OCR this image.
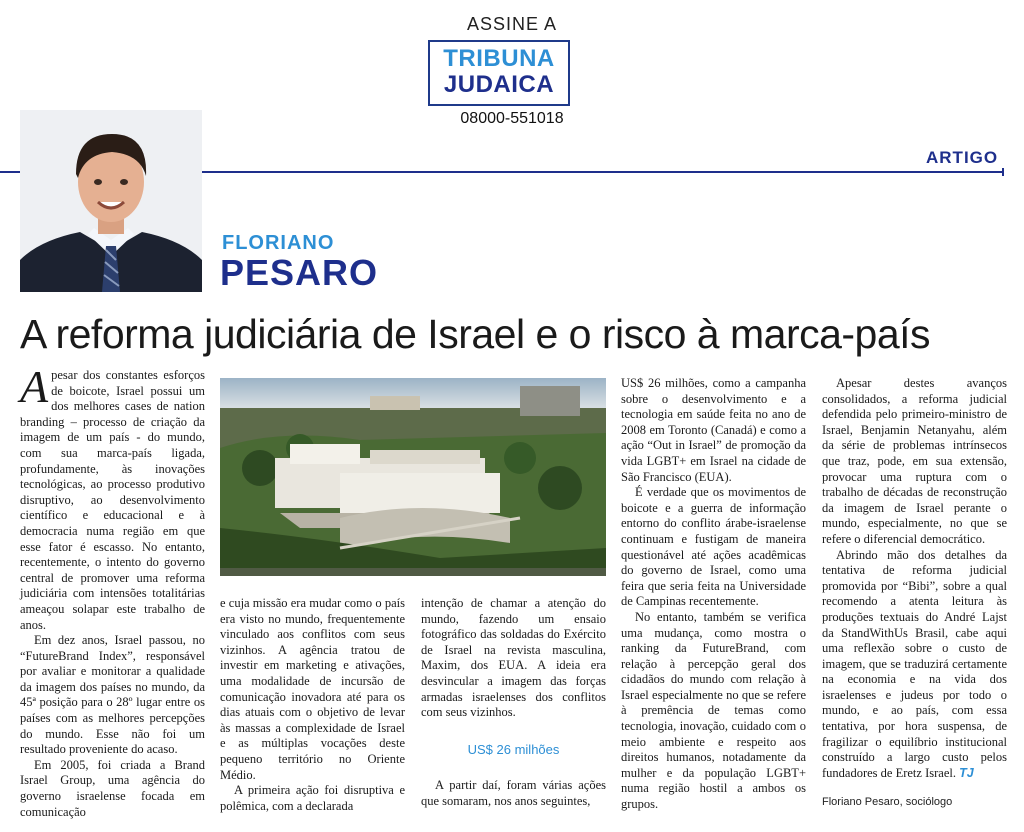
ASSINE A
TRIBUNA
JUDAICA
08000-551018
ARTIGO
FLORIANO
PESARO
A reforma judiciária de Israel e o risco à marca-país
A pesar dos constantes esforços de boicote, Israel possui um dos melhores cases de nation branding – processo de criação da imagem de um país - do mundo, com sua marca-país ligada, profundamente, às inovações tecnológicas, ao processo produtivo disruptivo, ao desenvolvimento científico e educacional e à democracia numa região em que esse fator é escasso. No entanto, recentemente, o intento do governo central de promover uma reforma judiciária com intensões totalitárias ameaçou solapar este trabalho de anos.

Em dez anos, Israel passou, no “FutureBrand Index”, responsável por avaliar e monitorar a qualidade da imagem dos países no mundo, da 45ª posição para o 28º lugar entre os países com as melhores percepções do mundo. Esse não foi um resultado proveniente do acaso.

Em 2005, foi criada a Brand Israel Group, uma agência do governo israelense focada em comunicação

e cuja missão era mudar como o país era visto no mundo, frequentemente vinculado aos conflitos com seus vizinhos. A agência tratou de investir em marketing e ativações, uma modalidade de incursão de comunicação inovadora até para os dias atuais com o objetivo de levar às massas a complexidade de Israel e as múltiplas vocações deste pequeno território no Oriente Médio.

A primeira ação foi disruptiva e polêmica, com a declarada

intenção de chamar a atenção do mundo, fazendo um ensaio fotográfico das soldadas do Exército de Israel na revista masculina, Maxim, dos EUA. A ideia era desvincular a imagem das forças armadas israelenses dos conflitos com seus vizinhos.

US$ 26 milhões

A partir daí, foram várias ações que somaram, nos anos seguintes,

US$ 26 milhões, como a campanha sobre o desenvolvimento e a tecnologia em saúde feita no ano de 2008 em Toronto (Canadá) e como a ação “Out in Israel” de promoção da vida LGBT+ em Israel na cidade de São Francisco (EUA).

É verdade que os movimentos de boicote e a guerra de informação entorno do conflito árabe-israelense continuam e fustigam de maneira questionável até ações acadêmicas do governo de Israel, como uma feira que seria feita na Universidade de Campinas recentemente.

No entanto, também se verifica uma mudança, como mostra o ranking da FutureBrand, com relação à percepção geral dos cidadãos do mundo com relação à Israel especialmente no que se refere à premência de temas como tecnologia, inovação, cuidado com o meio ambiente e respeito aos direitos humanos, notadamente da mulher e da população LGBT+ numa região hostil a ambos os grupos.

Apesar destes avanços consolidados, a reforma judicial defendida pelo primeiro-ministro de Israel, Benjamin Netanyahu, além da série de problemas intrínsecos que traz, pode, em sua extensão, provocar uma ruptura com o trabalho de décadas de reconstrução da imagem de Israel perante o mundo, especialmente, no que se refere o diferencial democrático.

Abrindo mão dos detalhes da tentativa de reforma judicial promovida por “Bibi”, sobre a qual recomendo a atenta leitura às produções textuais do André Lajst da StandWithUs Brasil, cabe aqui uma reflexão sobre o custo de imagem, que se traduzirá certamente na economia e na vida dos israelenses e judeus por todo o mundo, e ao país, com essa tentativa, por hora suspensa, de fragilizar o equilíbrio institucional construído a largo custo pelos fundadores de Eretz Israel. TJ

Floriano Pesaro, sociólogo
